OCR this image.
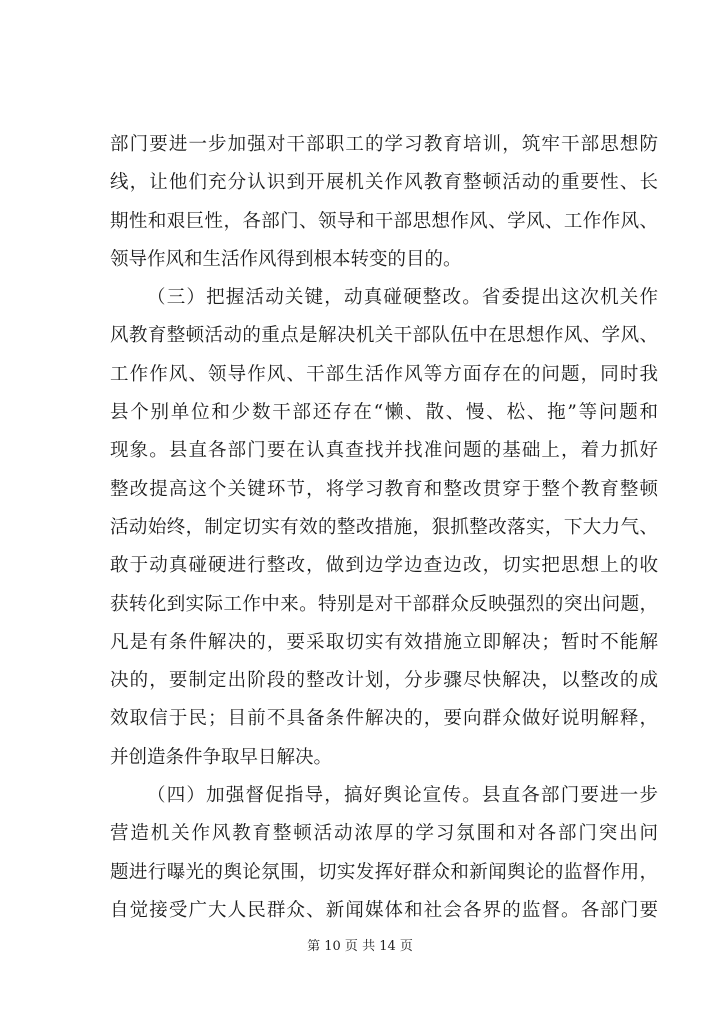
部门要进一步加强对干部职工的学习教育培训，筑牢干部思想防
线，让他们充分认识到开展机关作风教育整顿活动的重要性、长
期性和艰巨性，各部门、领导和干部思想作风、学风、工作作风、
领导作风和生活作风得到根本转变的目的。
（三）把握活动关键，动真碰硬整改。省委提出这次机关作
风教育整顿活动的重点是解决机关干部队伍中在思想作风、学风、
工作作风、领导作风、干部生活作风等方面存在的问题，同时我
县个别单位和少数干部还存在“懒、散、慢、松、拖”等问题和
现象。县直各部门要在认真查找并找准问题的基础上，着力抓好
整改提高这个关键环节，将学习教育和整改贯穿于整个教育整顿
活动始终，制定切实有效的整改措施，狠抓整改落实，下大力气、
敢于动真碰硬进行整改，做到边学边查边改，切实把思想上的收
获转化到实际工作中来。特别是对干部群众反映强烈的突出问题，
凡是有条件解决的，要采取切实有效措施立即解决；暂时不能解
决的，要制定出阶段的整改计划，分步骤尽快解决，以整改的成
效取信于民；目前不具备条件解决的，要向群众做好说明解释，
并创造条件争取早日解决。
（四）加强督促指导，搞好舆论宣传。县直各部门要进一步
营造机关作风教育整顿活动浓厚的学习氛围和对各部门突出问
题进行曝光的舆论氛围，切实发挥好群众和新闻舆论的监督作用，
自觉接受广大人民群众、新闻媒体和社会各界的监督。各部门要
第 10 页 共 14 页
